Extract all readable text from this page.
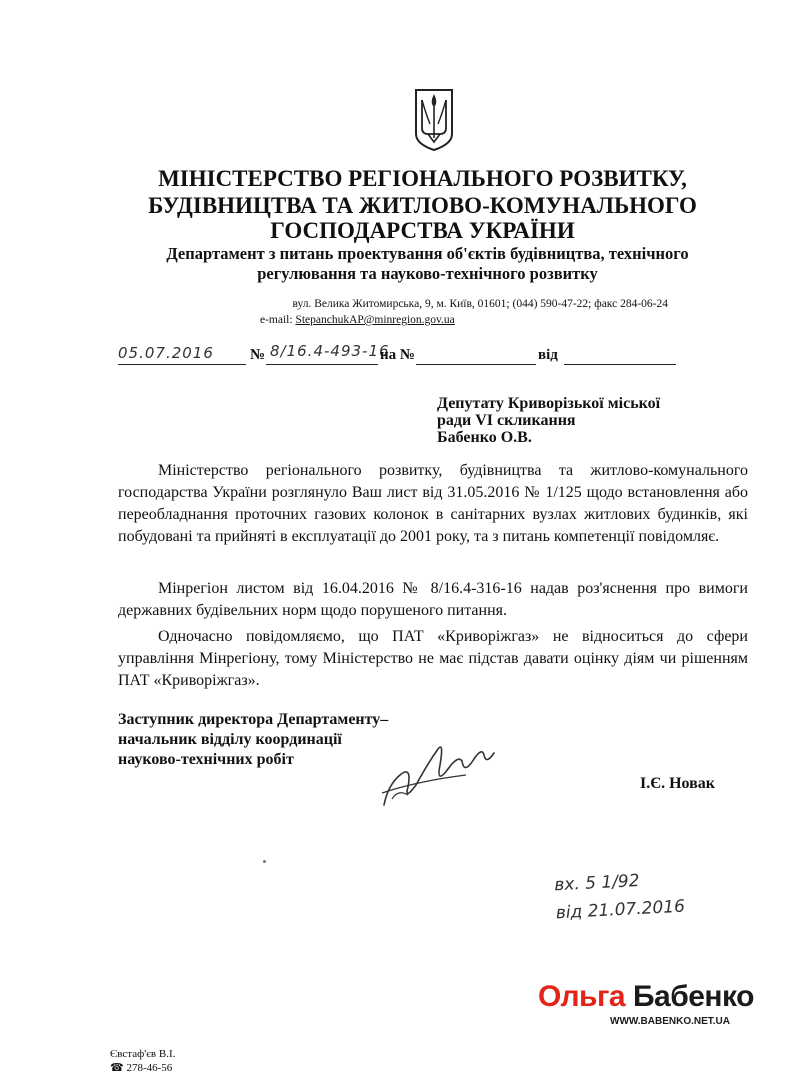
МІНІСТЕРСТВО РЕГІОНАЛЬНОГО РОЗВИТКУ,
БУДІВНИЦТВА ТА ЖИТЛОВО-КОМУНАЛЬНОГО
ГОСПОДАРСТВА УКРАЇНИ
Департамент з питань проектування об'єктів будівництва, технічного
регулювання та науково-технічного розвитку
вул. Велика Житомирська, 9, м. Київ, 01601; (044) 590-47-22; факс 284-06-24
e-mail: StepanchukAP@minregion.gov.ua
05.07.2016 № 8/16.4-493-16
на №	від
Депутату Криворізької міської
ради VI скликання
Бабенко О.В.

Міністерство регіонального розвитку, будівництва та житлово-комунального господарства України розглянуло Ваш лист від 31.05.2016 № 1/125 щодо встановлення або переобладнання проточних газових колонок в санітарних вузлах житлових будинків, які побудовані та прийняті в експлуатації до 2001 року, та з питань компетенції повідомляє.

Мінрегіон листом від 16.04.2016 № 8/16.4-316-16 надав роз'яснення про вимоги державних будівельних норм щодо порушеного питання.

Одночасно повідомляємо, що ПАТ «Криворіжгаз» не відноситься до сфери управління Мінрегіону, тому Міністерство не має підстав давати оцінку діям чи рішенням ПАТ «Криворіжгаз».

Заступник директора Департаменту–
начальник відділу координації
науково-технічних робіт
І.Є. Новак
вх. 5 1/92
від 21.07.2016
Ольга Бабенко
WWW.BABENKO.NET.UA
Євстаф'єв В.І.
☎ 278-46-56
